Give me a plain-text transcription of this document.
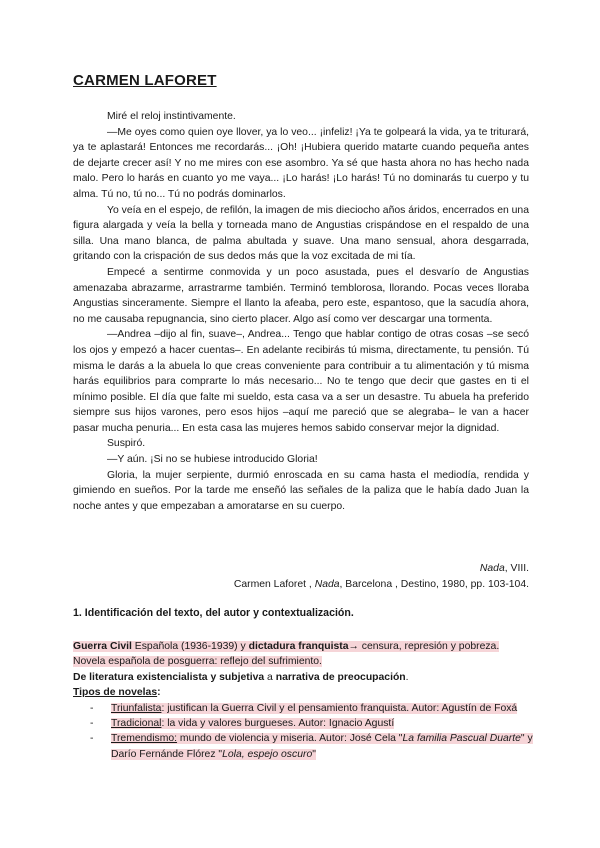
CARMEN LAFORET

Miré el reloj instintivamente.

—Me oyes como quien oye llover, ya lo veo... ¡infeliz! ¡Ya te golpeará la vida, ya te triturará, ya te aplastará! Entonces me recordarás... ¡Oh! ¡Hubiera querido matarte cuando pequeña antes de dejarte crecer así! Y no me mires con ese asombro. Ya sé que hasta ahora no has hecho nada malo. Pero lo harás en cuanto yo me vaya... ¡Lo harás! ¡Lo harás! Tú no dominarás tu cuerpo y tu alma. Tú no, tú no... Tú no podrás dominarlos.

Yo veía en el espejo, de refilón, la imagen de mis dieciocho años áridos, encerrados en una figura alargada y veía la bella y torneada mano de Angustias crispándose en el respaldo de una silla. Una mano blanca, de palma abultada y suave. Una mano sensual, ahora desgarrada, gritando con la crispación de sus dedos más que la voz excitada de mi tía.

Empecé a sentirme conmovida y un poco asustada, pues el desvarío de Angustias amenazaba abrazarme, arrastrarme también. Terminó temblorosa, llorando. Pocas veces lloraba Angustias sinceramente. Siempre el llanto la afeaba, pero este, espantoso, que la sacudía ahora, no me causaba repugnancia, sino cierto placer. Algo así como ver descargar una tormenta.

—Andrea –dijo al fin, suave–, Andrea... Tengo que hablar contigo de otras cosas –se secó los ojos y empezó a hacer cuentas–. En adelante recibirás tú misma, directamente, tu pensión. Tú misma le darás a la abuela lo que creas conveniente para contribuir a tu alimentación y tú misma harás equilibrios para comprarte lo más necesario... No te tengo que decir que gastes en ti el mínimo posible. El día que falte mi sueldo, esta casa va a ser un desastre. Tu abuela ha preferido siempre sus hijos varones, pero esos hijos –aquí me pareció que se alegraba– le van a hacer pasar mucha penuria... En esta casa las mujeres hemos sabido conservar mejor la dignidad.

Suspiró.

—Y aún. ¡Si no se hubiese introducido Gloria!

Gloria, la mujer serpiente, durmió enroscada en su cama hasta el mediodía, rendida y gimiendo en sueños. Por la tarde me enseñó las señales de la paliza que le había dado Juan la noche antes y que empezaban a amoratarse en su cuerpo.

Nada, VIII.
Carmen Laforet , Nada, Barcelona , Destino, 1980, pp. 103-104.
1. Identificación del texto, del autor y contextualización.
Guerra Civil Española (1936-1939) y dictadura franquista→ censura, represión y pobreza.
Novela española de posguerra: reflejo del sufrimiento.
De literatura existencialista y subjetiva a narrativa de preocupación.
Tipos de novelas:
- Triunfalista: justifican la Guerra Civil y el pensamiento franquista. Autor: Agustín de Foxá
- Tradicional: la vida y valores burgueses. Autor: Ignacio Agustí
- Tremendismo: mundo de violencia y miseria. Autor: José Cela "La familia Pascual Duarte" y Darío Fernánde Flórez "Lola, espejo oscuro"
